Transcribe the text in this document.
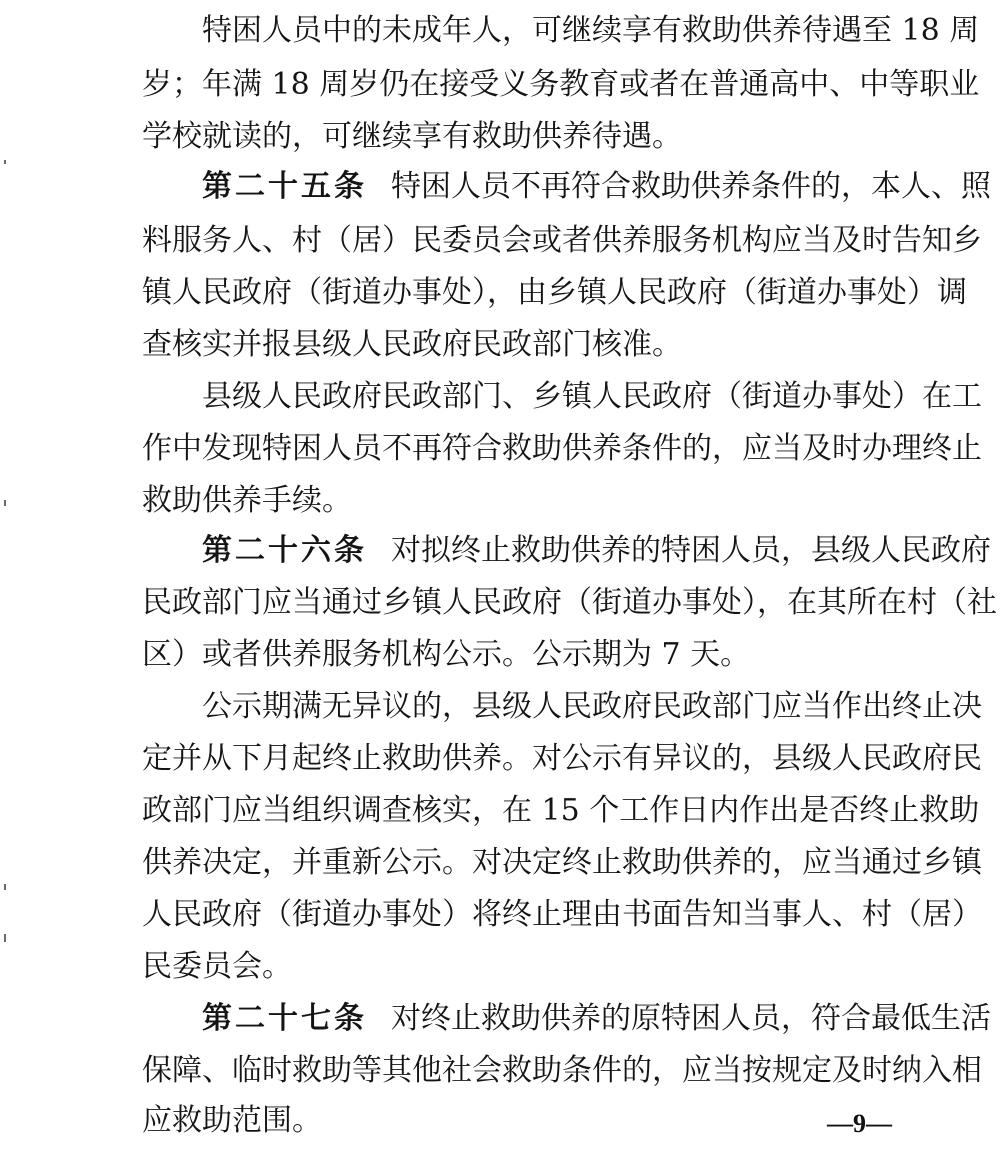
特困人员中的未成年人，可继续享有救助供养待遇至 18 周
岁；年满 18 周岁仍在接受义务教育或者在普通高中、中等职业
学校就读的，可继续享有救助供养待遇。
第二十五条 特困人员不再符合救助供养条件的，本人、照
料服务人、村（居）民委员会或者供养服务机构应当及时告知乡
镇人民政府（街道办事处），由乡镇人民政府（街道办事处）调
查核实并报县级人民政府民政部门核准。
县级人民政府民政部门、乡镇人民政府（街道办事处）在工
作中发现特困人员不再符合救助供养条件的，应当及时办理终止
救助供养手续。
第二十六条 对拟终止救助供养的特困人员，县级人民政府
民政部门应当通过乡镇人民政府（街道办事处），在其所在村（社
区）或者供养服务机构公示。公示期为 7 天。
公示期满无异议的，县级人民政府民政部门应当作出终止决
定并从下月起终止救助供养。对公示有异议的，县级人民政府民
政部门应当组织调查核实，在 15 个工作日内作出是否终止救助
供养决定，并重新公示。对决定终止救助供养的，应当通过乡镇
人民政府（街道办事处）将终止理由书面告知当事人、村（居）
民委员会。
第二十七条 对终止救助供养的原特困人员，符合最低生活
保障、临时救助等其他社会救助条件的，应当按规定及时纳入相
应救助范围。	—9—
